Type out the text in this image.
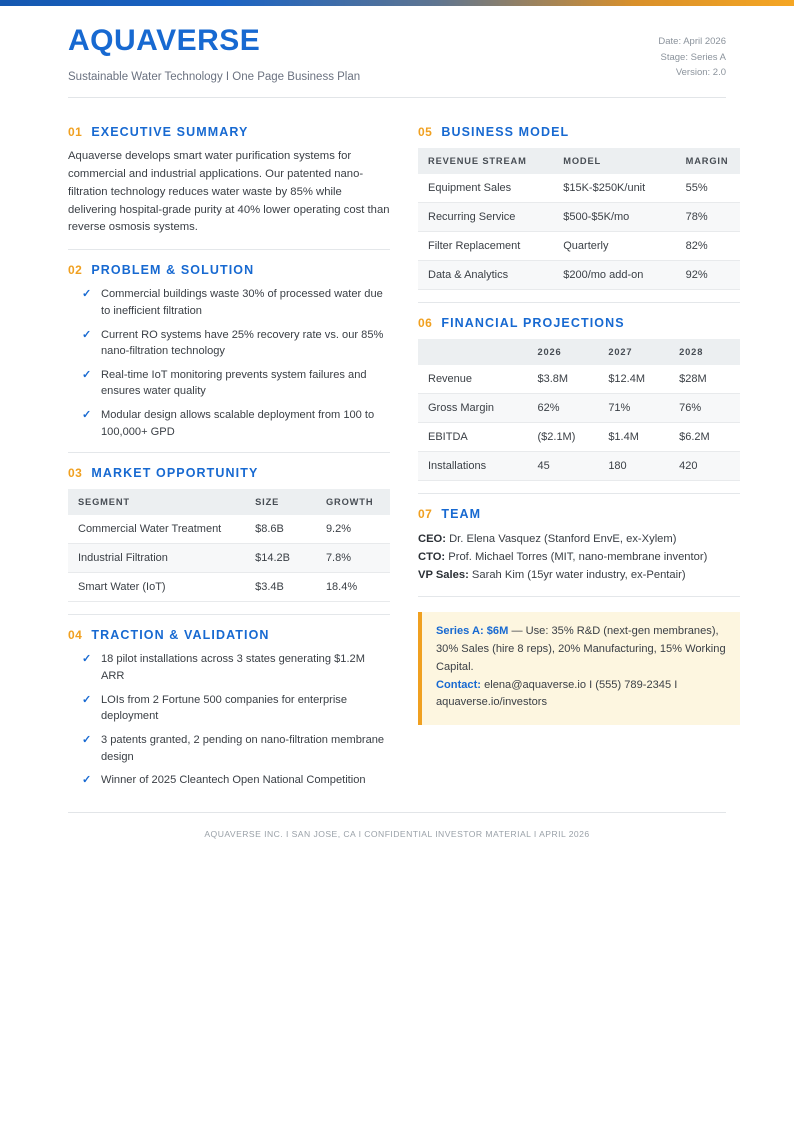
AQUAVERSE
Sustainable Water Technology I One Page Business Plan
Date: April 2026
Stage: Series A
Version: 2.0
01 EXECUTIVE SUMMARY

Aquaverse develops smart water purification systems for commercial and industrial applications. Our patented nano-filtration technology reduces water waste by 85% while delivering hospital-grade purity at 40% lower operating cost than reverse osmosis systems.

02 PROBLEM & SOLUTION
✓ Commercial buildings waste 30% of processed water due to inefficient filtration
✓ Current RO systems have 25% recovery rate vs. our 85% nano-filtration technology
✓ Real-time IoT monitoring prevents system failures and ensures water quality
✓ Modular design allows scalable deployment from 100 to 100,000+ GPD
03 MARKET OPPORTUNITY
SEGMENT	SIZE	GROWTH
Commercial Water Treatment	$8.6B	9.2%
Industrial Filtration	$14.2B	7.8%
Smart Water (IoT)	$3.4B	18.4%
04 TRACTION & VALIDATION
✓ 18 pilot installations across 3 states generating $1.2M ARR
✓ LOIs from 2 Fortune 500 companies for enterprise deployment
✓ 3 patents granted, 2 pending on nano-filtration membrane design
✓ Winner of 2025 Cleantech Open National Competition
05 BUSINESS MODEL
REVENUE STREAM	MODEL	MARGIN
Equipment Sales	$15K-$250K/unit	55%
Recurring Service	$500-$5K/mo	78%
Filter Replacement	Quarterly	82%
Data & Analytics	$200/mo add-on	92%
06 FINANCIAL PROJECTIONS
	2026	2027	2028
Revenue	$3.8M	$12.4M	$28M
Gross Margin	62%	71%	76%
EBITDA	($2.1M)	$1.4M	$6.2M
Installations	45	180	420
07 TEAM
CEO: Dr. Elena Vasquez (Stanford EnvE, ex-Xylem)
CTO: Prof. Michael Torres (MIT, nano-membrane inventor)
VP Sales: Sarah Kim (15yr water industry, ex-Pentair)

Series A: $6M — Use: 35% R&D (next-gen membranes), 30% Sales (hire 8 reps), 20% Manufacturing, 15% Working Capital.

Contact: elena@aquaverse.io I (555) 789-2345 I aquaverse.io/investors

AQUAVERSE INC. I SAN JOSE, CA I CONFIDENTIAL INVESTOR MATERIAL I APRIL 2026
